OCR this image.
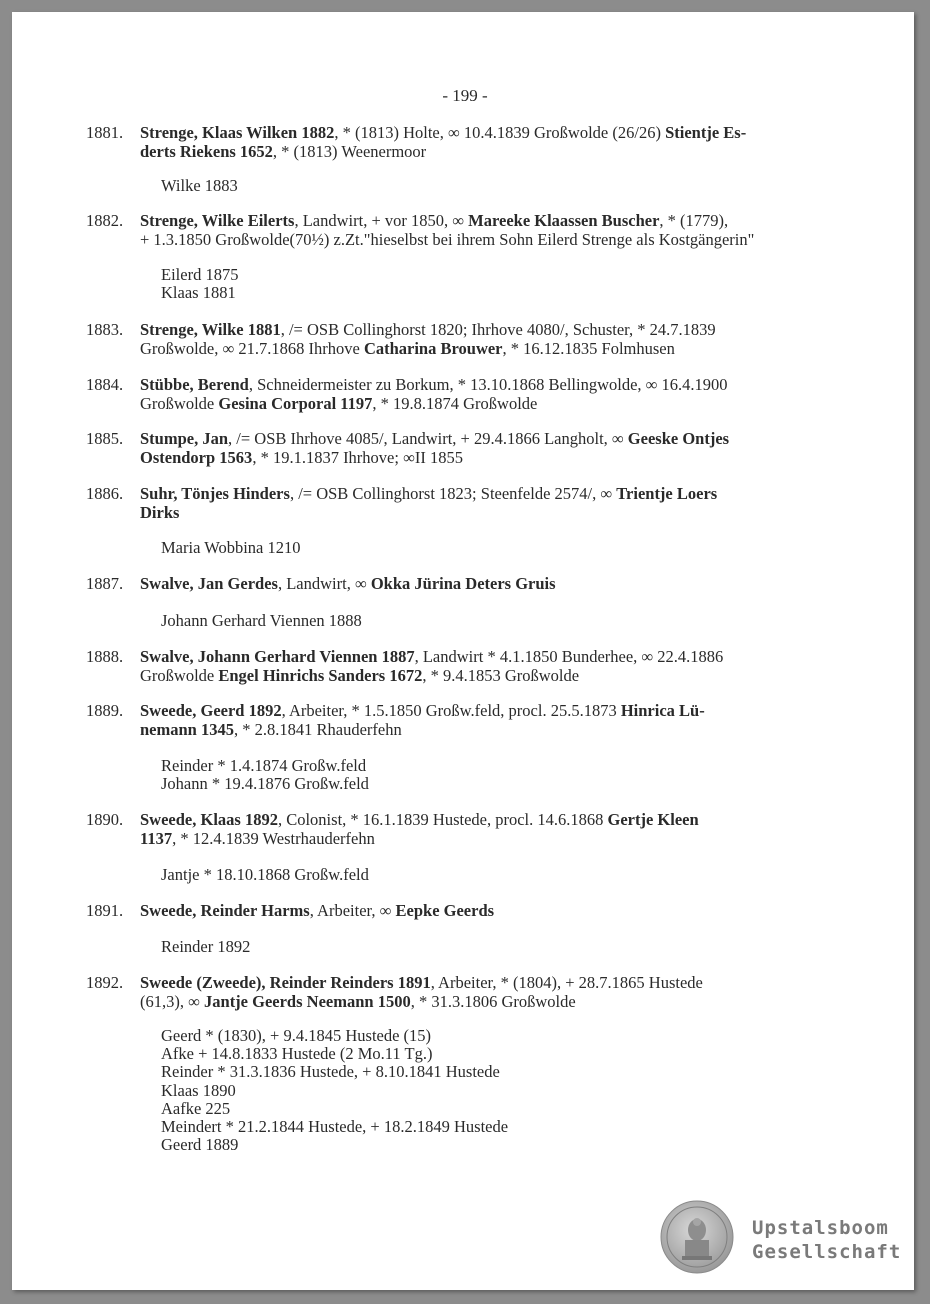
- 199 -
1881.	Strenge, Klaas Wilken 1882, * (1813) Holte, ∞ 10.4.1839 Großwolde (26/26) Stientje Es-
derts Riekens 1652, * (1813) Weenermoor
Wilke 1883
1882.	Strenge, Wilke Eilerts, Landwirt, + vor 1850, ∞ Mareeke Klaassen Buscher, * (1779),
+ 1.3.1850 Großwolde(70½) z.Zt."hieselbst bei ihrem Sohn Eilerd Strenge als Kostgängerin"
Eilerd 1875
Klaas 1881
1883.	Strenge, Wilke 1881, /= OSB Collinghorst 1820; Ihrhove 4080/, Schuster, * 24.7.1839
Großwolde, ∞ 21.7.1868 Ihrhove Catharina Brouwer, * 16.12.1835 Folmhusen
1884.	Stübbe, Berend, Schneidermeister zu Borkum, * 13.10.1868 Bellingwolde, ∞ 16.4.1900
Großwolde Gesina Corporal 1197, * 19.8.1874 Großwolde
1885.	Stumpe, Jan, /= OSB Ihrhove 4085/, Landwirt, + 29.4.1866 Langholt, ∞ Geeske Ontjes
Ostendorp 1563, * 19.1.1837 Ihrhove; ∞II 1855
1886.	Suhr, Tönjes Hinders, /= OSB Collinghorst 1823; Steenfelde 2574/, ∞ Trientje Loers
Dirks
Maria Wobbina 1210
1887.	Swalve, Jan Gerdes, Landwirt, ∞ Okka Jürina Deters Gruis
Johann Gerhard Viennen 1888
1888.	Swalve, Johann Gerhard Viennen 1887, Landwirt * 4.1.1850 Bunderhee, ∞ 22.4.1886
Großwolde Engel Hinrichs Sanders 1672, * 9.4.1853 Großwolde
1889.	Sweede, Geerd 1892, Arbeiter, * 1.5.1850 Großw.feld, procl. 25.5.1873 Hinrica Lü-
nemann 1345, * 2.8.1841 Rhauderfehn
Reinder * 1.4.1874 Großw.feld
Johann * 19.4.1876 Großw.feld
1890.	Sweede, Klaas 1892, Colonist, * 16.1.1839 Hustede, procl. 14.6.1868 Gertje Kleen
1137, * 12.4.1839 Westrhauderfehn
Jantje * 18.10.1868 Großw.feld
1891.	Sweede, Reinder Harms, Arbeiter, ∞ Eepke Geerds
Reinder 1892
1892.	Sweede (Zweede), Reinder Reinders 1891, Arbeiter, * (1804), + 28.7.1865 Hustede
(61,3), ∞ Jantje Geerds Neemann 1500, * 31.3.1806 Großwolde
Geerd * (1830), + 9.4.1845 Hustede (15)
Afke + 14.8.1833 Hustede (2 Mo.11 Tg.)
Reinder * 31.3.1836 Hustede, + 8.10.1841 Hustede
Klaas 1890
Aafke 225
Meindert * 21.2.1844 Hustede, + 18.2.1849 Hustede
Geerd 1889
Upstalsboom
Gesellschaft
